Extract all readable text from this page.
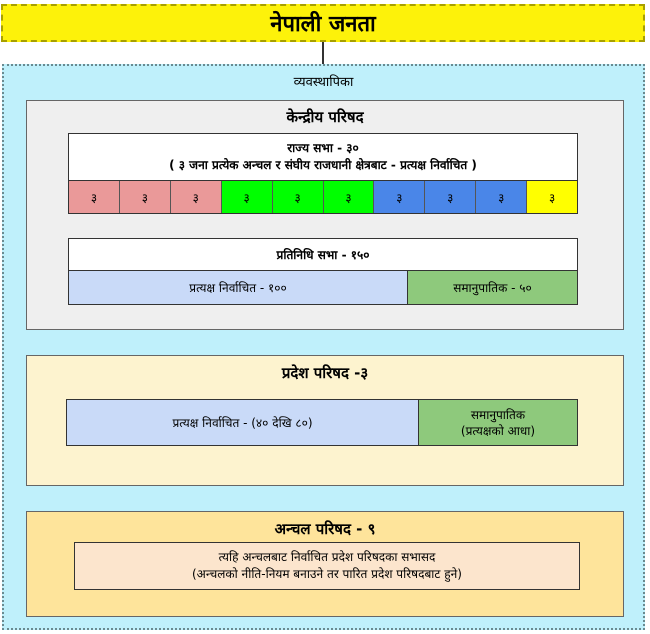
नेपाली जनता
व्यवस्थापिका
केन्द्रीय परिषद
राज्य सभा - ३०
( ३ जना प्रत्येक अन्चल र संघीय राजधानी क्षेत्रबाट - प्रत्यक्ष निर्वाचित )
३	३	३	३	३	३	३	३	३	३
प्रतिनिधि सभा - १५०
प्रत्यक्ष निर्वाचित - १००	समानुपातिक - ५०
प्रदेश परिषद -३
प्रत्यक्ष निर्वाचित - (४० देखि ८०)
समानुपातिक
(प्रत्यक्षको आधा)
अन्चल परिषद - ९
त्यहि अन्चलबाट निर्वाचित प्रदेश परिषदका सभासद
(अन्चलको नीति-नियम बनाउने तर पारित प्रदेश परिषदबाट हुने)
